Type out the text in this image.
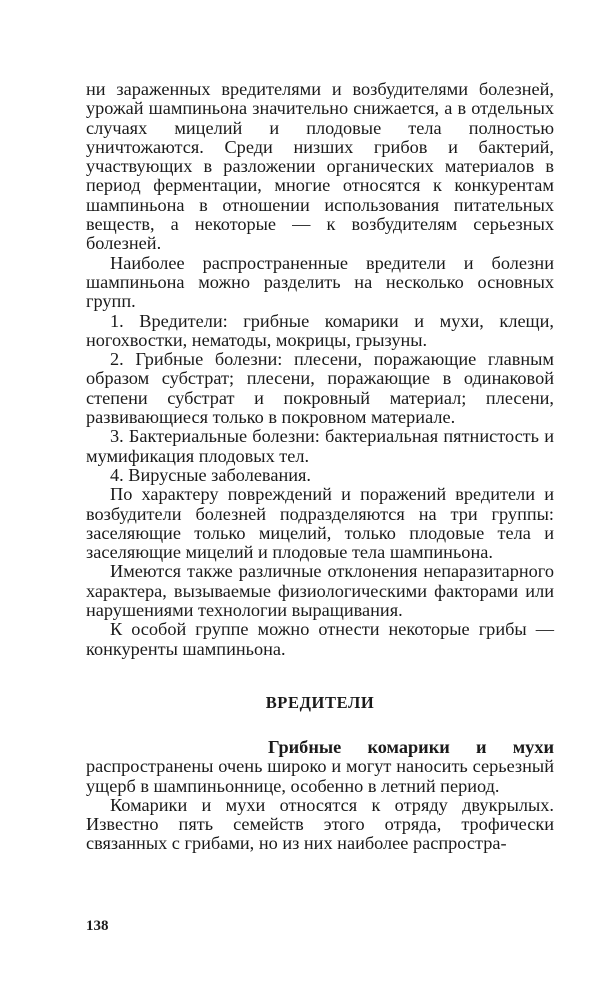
ни зараженных вредителями и возбудителями болезней, урожай шампиньона значительно снижается, а в отдельных случаях мицелий и плодовые тела полностью уничтожаются. Среди низших грибов и бактерий, участвующих в разложении органических материалов в период ферментации, многие относятся к конкурентам шампиньона в отношении использования питательных веществ, а некоторые — к возбудителям серьезных болезней.

Наиболее распространенные вредители и болезни шампиньона можно разделить на несколько основных групп.

1. Вредители: грибные комарики и мухи, клещи, ногохвостки, нематоды, мокрицы, грызуны.

2. Грибные болезни: плесени, поражающие главным образом субстрат; плесени, поражающие в одинаковой степени субстрат и покровный материал; плесени, развивающиеся только в покровном материале.

3. Бактериальные болезни: бактериальная пятнистость и мумификация плодовых тел.

4. Вирусные заболевания.

По характеру повреждений и поражений вредители и возбудители болезней подразделяются на три группы: заселяющие только мицелий, только плодовые тела и заселяющие мицелий и плодовые тела шампиньона.

Имеются также различные отклонения непаразитарного характера, вызываемые физиологическими факторами или нарушениями технологии выращивания.

К особой группе можно отнести некоторые грибы — конкуренты шампиньона.

ВРЕДИТЕЛИ

Грибные комарики и мухи распространены очень широко и могут наносить серьезный ущерб в шампиньоннице, особенно в летний период.

Комарики и мухи относятся к отряду двукрылых. Известно пять семейств этого отряда, трофически связанных с грибами, но из них наиболее распростра-

138
